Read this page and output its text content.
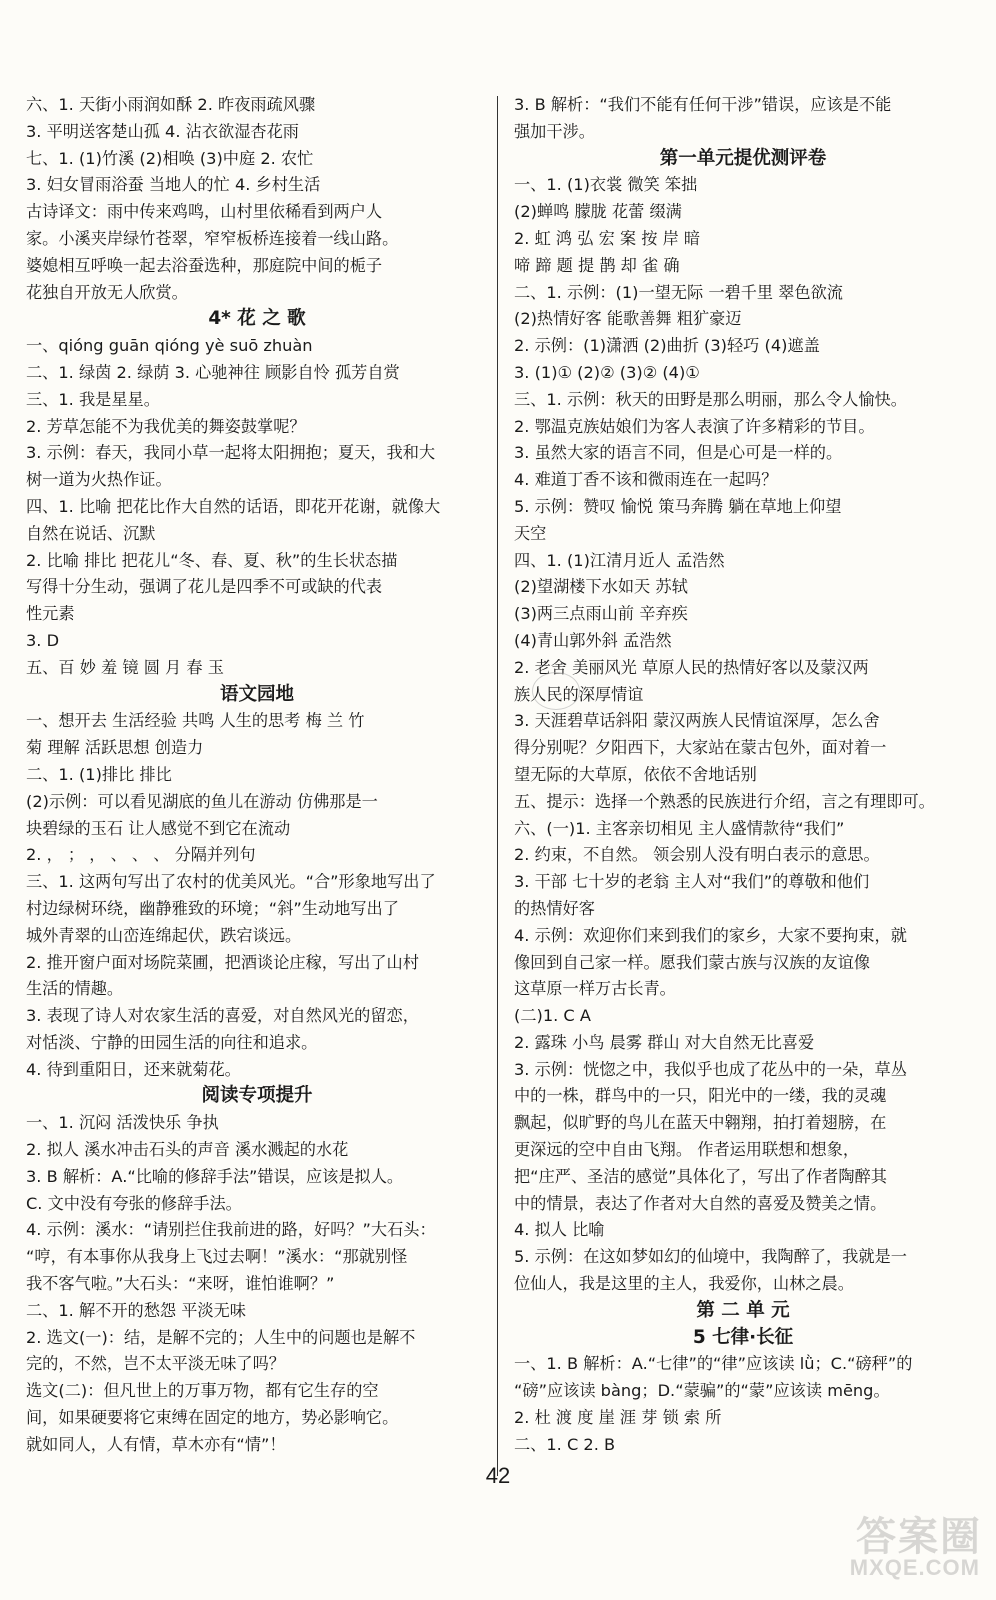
六、1. 天街小雨润如酥 2. 昨夜雨疏风骤
3. 平明送客楚山孤 4. 沾衣欲湿杏花雨
七、1. (1)竹溪 (2)相唤 (3)中庭 2. 农忙
3. 妇女冒雨浴蚕 当地人的忙 4. 乡村生活
古诗译文：雨中传来鸡鸣，山村里依稀看到两户人
家。小溪夹岸绿竹苍翠，窄窄板桥连接着一线山路。
婆媳相互呼唤一起去浴蚕选种，那庭院中间的栀子
花独自开放无人欣赏。
4* 花 之 歌
一、qióng guān qióng yè suō zhuàn
二、1. 绿茵 2. 绿荫 3. 心驰神往 顾影自怜 孤芳自赏
三、1. 我是星星。
2. 芳草怎能不为我优美的舞姿鼓掌呢？
3. 示例：春天，我同小草一起将太阳拥抱；夏天，我和大
树一道为火热作证。
四、1. 比喻 把花比作大自然的话语，即花开花谢，就像大
自然在说话、沉默
2. 比喻 排比 把花儿“冬、春、夏、秋”的生长状态描
写得十分生动，强调了花儿是四季不可或缺的代表
性元素
3. D
五、百 妙 羞 镜 圆 月 春 玉
语文园地
一、想开去 生活经验 共鸣 人生的思考 梅 兰 竹
菊 理解 活跃思想 创造力
二、1. (1)排比 排比
(2)示例：可以看见湖底的鱼儿在游动 仿佛那是一
块碧绿的玉石 让人感觉不到它在流动
2. ， ； ， 、 、 、 分隔并列句
三、1. 这两句写出了农村的优美风光。“合”形象地写出了
村边绿树环绕，幽静雅致的环境；“斜”生动地写出了
城外青翠的山峦连绵起伏，跌宕谈远。
2. 推开窗户面对场院菜圃，把酒谈论庄稼，写出了山村
生活的情趣。
3. 表现了诗人对农家生活的喜爱，对自然风光的留恋，
对恬淡、宁静的田园生活的向往和追求。
4. 待到重阳日，还来就菊花。
阅读专项提升
一、1. 沉闷 活泼快乐 争执
2. 拟人 溪水冲击石头的声音 溪水溅起的水花
3. B 解析：A.“比喻的修辞手法”错误，应该是拟人。
C. 文中没有夸张的修辞手法。
4. 示例：溪水：“请别拦住我前进的路，好吗？”大石头：
“哼，有本事你从我身上飞过去啊！”溪水：“那就别怪
我不客气啦。”大石头：“来呀，谁怕谁啊？”
二、1. 解不开的愁怨 平淡无味
2. 选文(一)：结，是解不完的；人生中的问题也是解不
完的，不然，岂不太平淡无味了吗？
选文(二)：但凡世上的万事万物，都有它生存的空
间，如果硬要将它束缚在固定的地方，势必影响它。
就如同人，人有情，草木亦有“情”！
3. B 解析：“我们不能有任何干涉”错误，应该是不能
强加干涉。
第一单元提优测评卷
一、1. (1)衣裳 微笑 笨拙
(2)蝉鸣 朦胧 花蕾 缀满
2. 虹 鸿 弘 宏 案 按 岸 暗
啼 蹄 题 提 鹊 却 雀 确
二、1. 示例：(1)一望无际 一碧千里 翠色欲流
(2)热情好客 能歌善舞 粗犷豪迈
2. 示例：(1)潇洒 (2)曲折 (3)轻巧 (4)遮盖
3. (1)① (2)② (3)② (4)①
三、1. 示例：秋天的田野是那么明丽，那么令人愉快。
2. 鄂温克族姑娘们为客人表演了许多精彩的节目。
3. 虽然大家的语言不同，但是心可是一样的。
4. 难道丁香不该和微雨连在一起吗？
5. 示例：赞叹 愉悦 策马奔腾 躺在草地上仰望
天空
四、1. (1)江清月近人 孟浩然
(2)望湖楼下水如天 苏轼
(3)两三点雨山前 辛弃疾
(4)青山郭外斜 孟浩然
2. 老舍 美丽风光 草原人民的热情好客以及蒙汉两
族人民的深厚情谊
3. 天涯碧草话斜阳 蒙汉两族人民情谊深厚，怎么舍
得分别呢？夕阳西下，大家站在蒙古包外，面对着一
望无际的大草原，依依不舍地话别
五、提示：选择一个熟悉的民族进行介绍，言之有理即可。
六、(一)1. 主客亲切相见 主人盛情款待“我们”
2. 约束，不自然。 领会别人没有明白表示的意思。
3. 干部 七十岁的老翁 主人对“我们”的尊敬和他们
的热情好客
4. 示例：欢迎你们来到我们的家乡，大家不要拘束，就
像回到自己家一样。愿我们蒙古族与汉族的友谊像
这草原一样万古长青。
(二)1. C A
2. 露珠 小鸟 晨雾 群山 对大自然无比喜爱
3. 示例：恍惚之中，我似乎也成了花丛中的一朵，草丛
中的一株，群鸟中的一只，阳光中的一缕，我的灵魂
飘起，似旷野的鸟儿在蓝天中翱翔，拍打着翅膀，在
更深远的空中自由飞翔。 作者运用联想和想象，
把“庄严、圣洁的感觉”具体化了，写出了作者陶醉其
中的情景，表达了作者对大自然的喜爱及赞美之情。
4. 拟人 比喻
5. 示例：在这如梦如幻的仙境中，我陶醉了，我就是一
位仙人，我是这里的主人，我爱你，山林之晨。
第 二 单 元
5 七律·长征
一、1. B 解析：A.“七律”的“律”应该读 lǜ；C.“磅秤”的
“磅”应该读 bàng；D.“蒙骗”的“蒙”应该读 mēng。
2. 杜 渡 度 崖 涯 芽 锁 索 所
二、1. C 2. B
42
答案圈
MXQE.COM
